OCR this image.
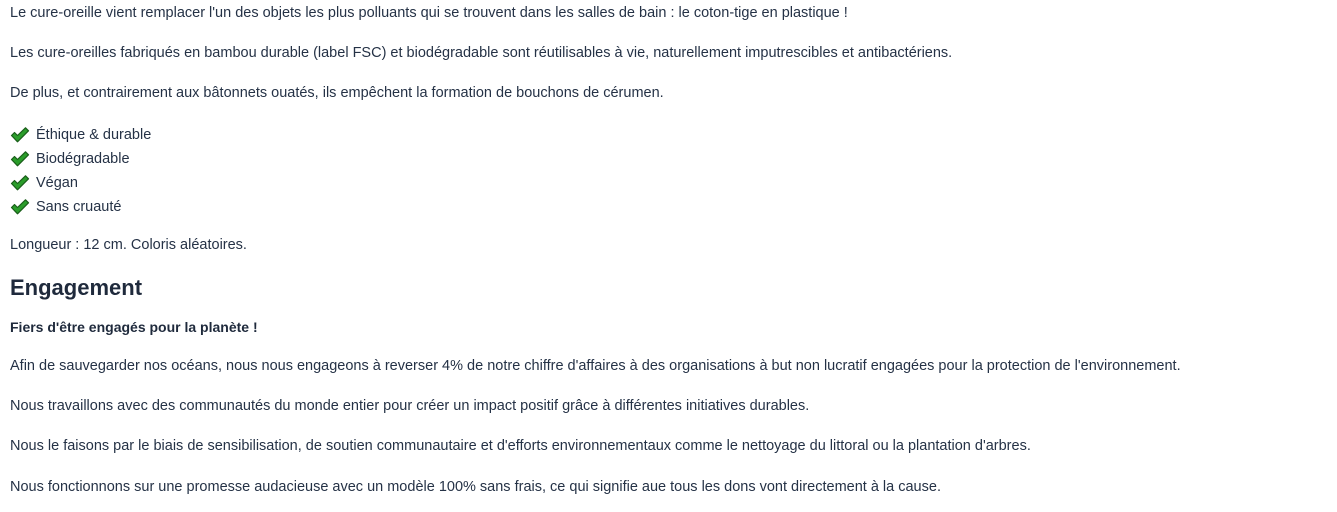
Le cure-oreille vient remplacer l'un des objets les plus polluants qui se trouvent dans les salles de bain : le coton-tige en plastique !

Les cure-oreilles fabriqués en bambou durable (label FSC) et biodégradable sont réutilisables à vie, naturellement imputrescibles et antibactériens.

De plus, et contrairement aux bâtonnets ouatés, ils empêchent la formation de bouchons de cérumen.

Éthique & durable
Biodégradable
Végan
Sans cruauté

Longueur : 12 cm. Coloris aléatoires.

Engagement

Fiers d'être engagés pour la planète !

Afin de sauvegarder nos océans, nous nous engageons à reverser 4% de notre chiffre d'affaires à des organisations à but non lucratif engagées pour la protection de l'environnement.

Nous travaillons avec des communautés du monde entier pour créer un impact positif grâce à différentes initiatives durables.

Nous le faisons par le biais de sensibilisation, de soutien communautaire et d'efforts environnementaux comme le nettoyage du littoral ou la plantation d'arbres.

Nous fonctionnons sur une promesse audacieuse avec un modèle 100% sans frais, ce qui signifie aue tous les dons vont directement à la cause.
